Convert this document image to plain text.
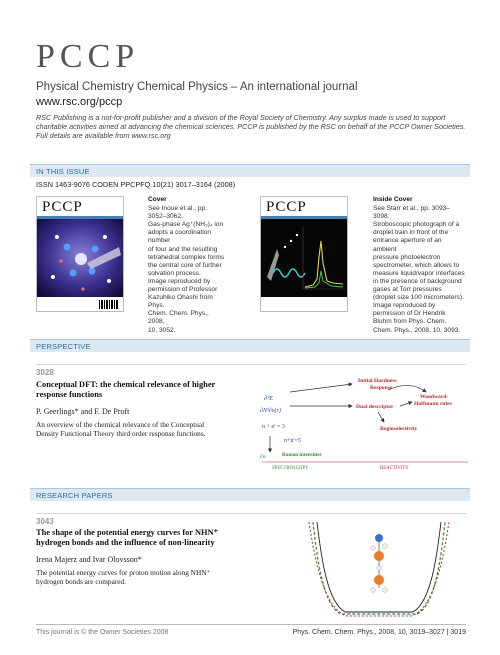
PCCP
Physical Chemistry Chemical Physics – An international journal
www.rsc.org/pccp
RSC Publishing is a not-for-profit publisher and a division of the Royal Society of Chemistry. Any surplus made is used to support charitable activities aimed at advancing the chemical sciences. PCCP is published by the RSC on behalf of the PCCP Owner Societies. Full details are available from www.rsc.org
IN THIS ISSUE
ISSN 1463-9076 CODEN PPCPFQ 10(21) 3017–3164 (2008)
PCCP	Cover
See Inoue et al., pp. 3052–3062.
Gas-phase Ag⁺(NH₃)₄ ion
adopts a coordination number
of four and the resulting
tetrahedral complex forms
the central core of further
solvation process.
Image reproduced by
permission of Professor
Kazuhiko Ohashi from Phys.
Chem. Chem. Phys., 2008,
10, 3052.
PCCP	Inside Cover
See Starr et al., pp. 3093–3098.
Stroboscopic photograph of a
droplet train in front of the
entrance aperture of an ambient
pressure photoelectron
spectrometer, which allows to
measure liquid/vapor interfaces
in the presence of background
gases at Torr pressures
(droplet size 100 micrometers).
Image reproduced by
permission of Dr Hendrik
Bluhm from Phys. Chem.
Chem. Phys., 2008, 10, 3093.
PERSPECTIVE
3028
Conceptual DFT: the chemical relevance of higher
response functions
P. Geerlings* and F. De Proft
An overview of the chemical relevance of the Conceptual
Density Functional Theory third order response functions.
∂³E
∂N²∂υ(r)
n + n' = 3
n+n'=5
∂α
Initial Hardness
Response
Dual descriptor
Woodward-
Hoffmann rules
Regioselectivity
Raman intensities
SPECTROSCOPY	REACTIVITY
RESEARCH PAPERS
3043
The shape of the potential energy curves for NHN⁺
hydrogen bonds and the influence of non-linearity
Irena Majerz and Ivar Olovsson*
The potential energy curves for proton motion along NHN⁺
hydrogen bonds are compared.
This journal is © the Owner Societies 2008	Phys. Chem. Chem. Phys., 2008, 10, 3019–3027 | 3019
